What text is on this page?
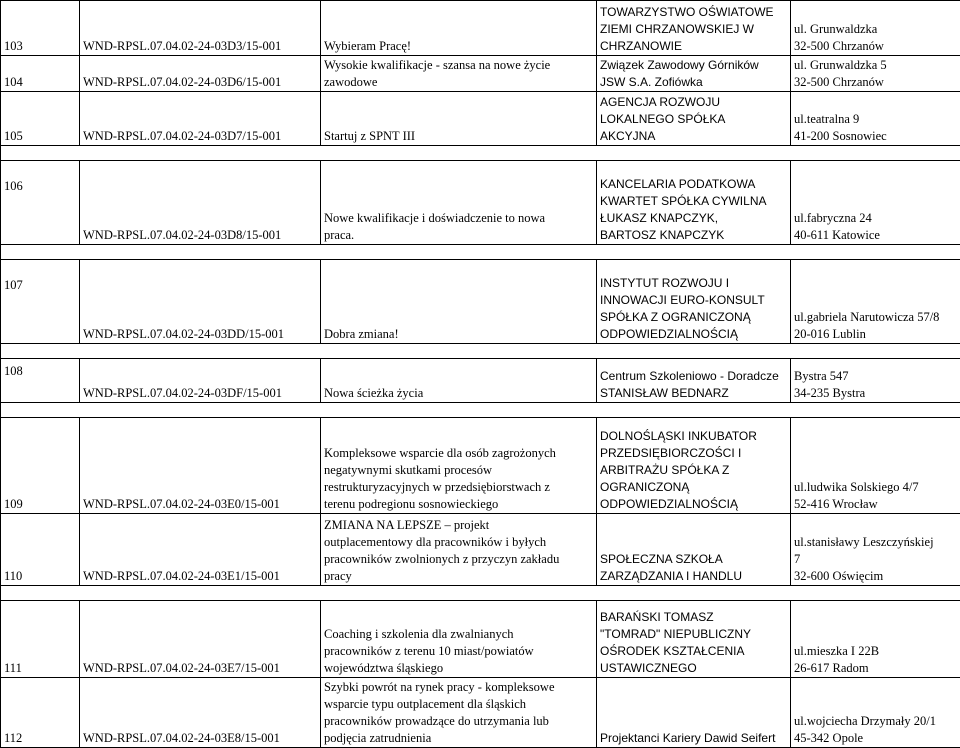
103	WND-RPSL.07.04.02-24-03D3/15-001	Wybieram Pracę!	TOWARZYSTWO OŚWIATOWE
ZIEMI CHRZANOWSKIEJ W
CHRZANOWIE	ul. Grunwaldzka
32-500 Chrzanów
104	WND-RPSL.07.04.02-24-03D6/15-001	Wysokie kwalifikacje - szansa na nowe życie
zawodowe	Związek Zawodowy Górników
JSW S.A. Zofiówka	ul. Grunwaldzka 5
32-500 Chrzanów
105	WND-RPSL.07.04.02-24-03D7/15-001	Startuj z SPNT III	AGENCJA ROZWOJU
LOKALNEGO SPÓŁKA
AKCYJNA	ul.teatralna 9
41-200 Sosnowiec

106	WND-RPSL.07.04.02-24-03D8/15-001	Nowe kwalifikacje i doświadczenie to nowa
praca.	KANCELARIA PODATKOWA
KWARTET SPÓŁKA CYWILNA
ŁUKASZ KNAPCZYK,
BARTOSZ KNAPCZYK	ul.fabryczna 24
40-611 Katowice

107	WND-RPSL.07.04.02-24-03DD/15-001	Dobra zmiana!	INSTYTUT ROZWOJU I
INNOWACJI EURO-KONSULT
SPÓŁKA Z OGRANICZONĄ
ODPOWIEDZIALNOŚCIĄ	ul.gabriela Narutowicza 57/8
20-016 Lublin

108	WND-RPSL.07.04.02-24-03DF/15-001	Nowa ścieżka życia	Centrum Szkoleniowo - Doradcze
STANISŁAW BEDNARZ	Bystra 547
34-235 Bystra

109	WND-RPSL.07.04.02-24-03E0/15-001	Kompleksowe wsparcie dla osób zagrożonych
negatywnymi skutkami procesów
restrukturyzacyjnych w przedsiębiorstwach z
terenu podregionu sosnowieckiego	DOLNOŚLĄSKI INKUBATOR
PRZEDSIĘBIORCZOŚCI I
ARBITRAŻU SPÓŁKA Z
OGRANICZONĄ
ODPOWIEDZIALNOŚCIĄ	ul.ludwika Solskiego 4/7
52-416 Wrocław
110	WND-RPSL.07.04.02-24-03E1/15-001	ZMIANA NA LEPSZE – projekt
outplacementowy dla pracowników i byłych
pracowników zwolnionych z przyczyn zakładu
pracy	SPOŁECZNA SZKOŁA
ZARZĄDZANIA I HANDLU	ul.stanisławy Leszczyńskiej
7
32-600 Oświęcim

111	WND-RPSL.07.04.02-24-03E7/15-001	Coaching i szkolenia dla zwalnianych
pracowników z terenu 10 miast/powiatów
województwa śląskiego	BARAŃSKI TOMASZ
"TOMRAD" NIEPUBLICZNY
OŚRODEK KSZTAŁCENIA
USTAWICZNEGO	ul.mieszka I 22B
26-617 Radom
112	WND-RPSL.07.04.02-24-03E8/15-001	Szybki powrót na rynek pracy - kompleksowe
wsparcie typu outplacement dla śląskich
pracowników prowadzące do utrzymania lub
podjęcia zatrudnienia	Projektanci Kariery Dawid Seifert	ul.wojciecha Drzymały 20/1
45-342 Opole
